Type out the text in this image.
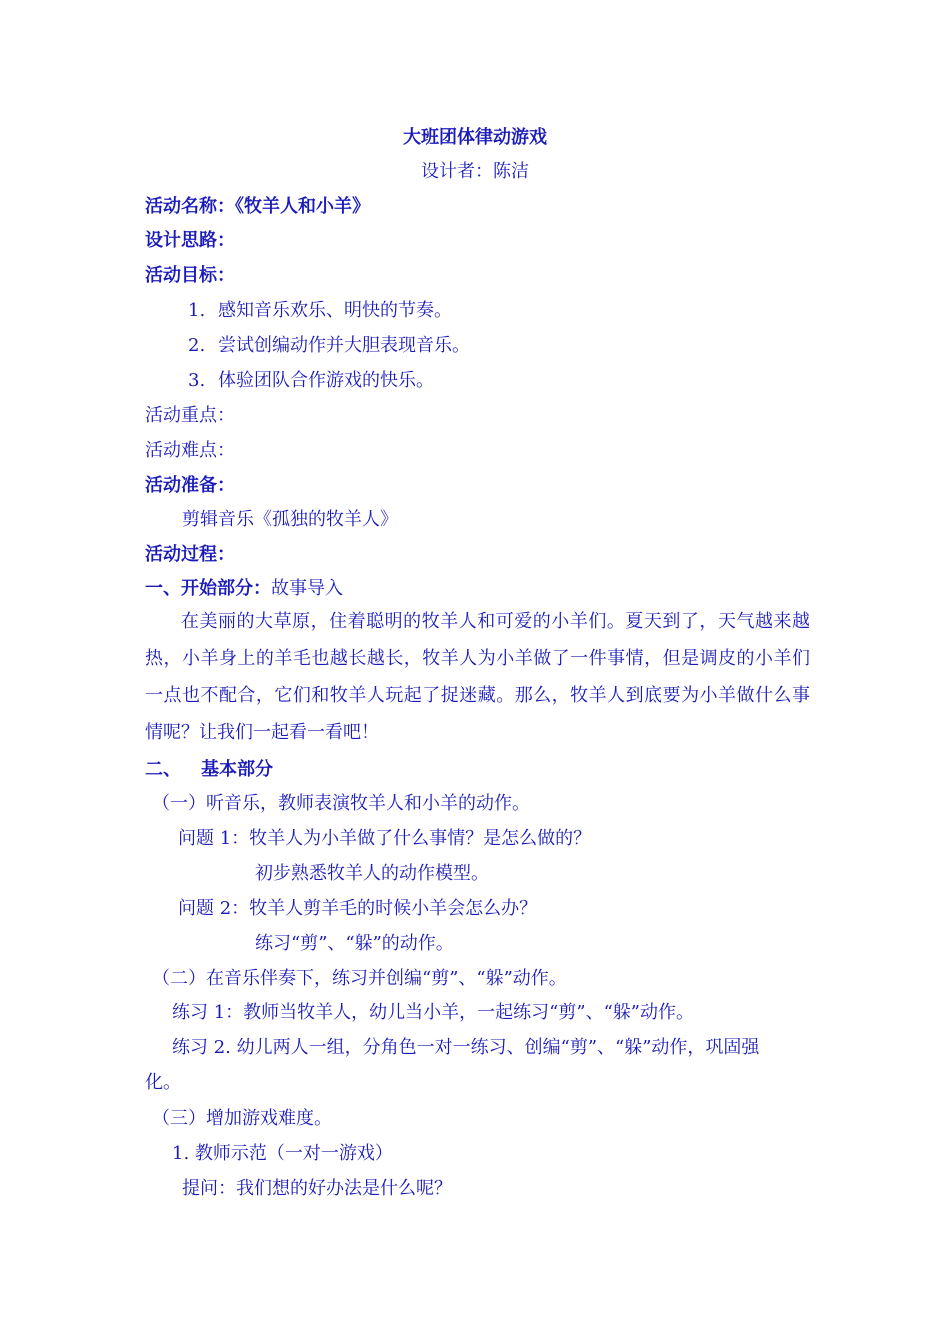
大班团体律动游戏
设计者：陈洁
活动名称：《牧羊人和小羊》
设计思路：
活动目标：
1. 感知音乐欢乐、明快的节奏。
2. 尝试创编动作并大胆表现音乐。
3. 体验团队合作游戏的快乐。
活动重点：
活动难点：
活动准备：
剪辑音乐《孤独的牧羊人》
活动过程：
一、开始部分：故事导入
在美丽的大草原，住着聪明的牧羊人和可爱的小羊们。夏天到了，天气越来越热，小羊身上的羊毛也越长越长，牧羊人为小羊做了一件事情，但是调皮的小羊们一点也不配合，它们和牧羊人玩起了捉迷藏。那么，牧羊人到底要为小羊做什么事情呢？让我们一起看一看吧！
二、 基本部分
（一）听音乐，教师表演牧羊人和小羊的动作。
问题 1：牧羊人为小羊做了什么事情？是怎么做的？
初步熟悉牧羊人的动作模型。
问题 2：牧羊人剪羊毛的时候小羊会怎么办？
练习“剪”、“躲”的动作。
（二）在音乐伴奏下，练习并创编“剪”、“躲”动作。
练习 1：教师当牧羊人，幼儿当小羊，一起练习“剪”、“躲”动作。
练习 2. 幼儿两人一组，分角色一对一练习、创编“剪”、“躲”动作，巩固强
化。
（三）增加游戏难度。
1. 教师示范（一对一游戏）
提问：我们想的好办法是什么呢？
